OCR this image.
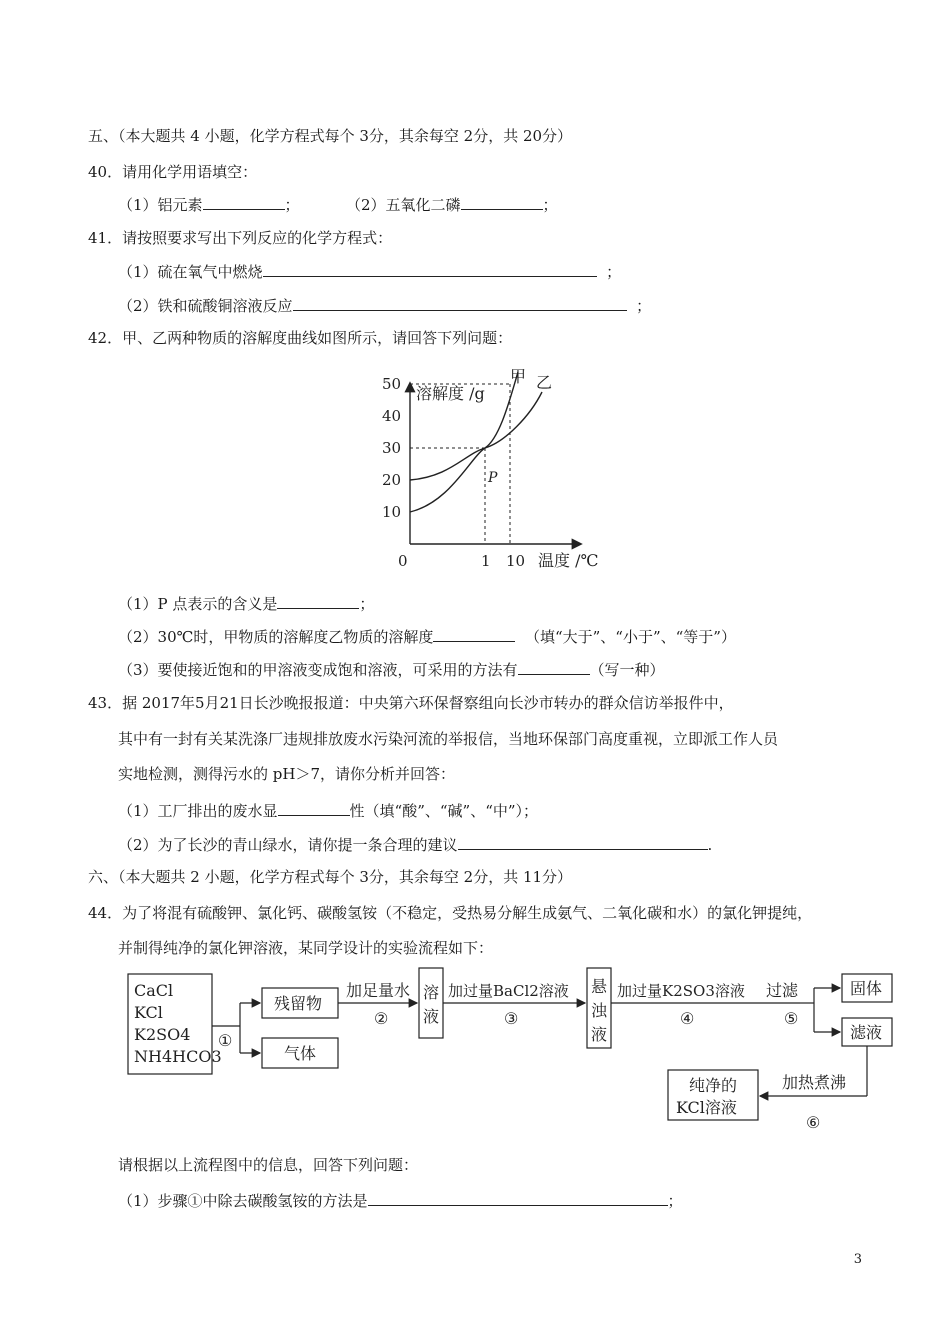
五、（本大题共 4 小题，化学方程式每个 3分，其余每空 2分，共 20分）
40．请用化学用语填空：
（1）铝元素	；	（2）五氧化二磷	；
41．请按照要求写出下列反应的化学方程式：
（1）硫在氧气中燃烧	；
（2）铁和硫酸铜溶液反应	；
42．甲、乙两种物质的溶解度曲线如图所示，请回答下列问题：
溶解度 /g
温度 /℃
10
20
30
40
50
0	1 10
甲 乙
P
（1）P 点表示的含义是	；
（2）30℃时，甲物质的溶解度乙物质的溶解度	（填“大于”、“小于”、“等于”）
（3）要使接近饱和的甲溶液变成饱和溶液，可采用的方法有	（写一种）
43．据 2017年5月21日长沙晚报报道：中央第六环保督察组向长沙市转办的群众信访举报件中，
其中有一封有关某洗涤厂违规排放废水污染河流的举报信，当地环保部门高度重视，立即派工作人员
实地检测，测得污水的 pH＞7，请你分析并回答：
（1）工厂排出的废水显	性（填“酸”、“碱”、“中”）；
（2）为了长沙的青山绿水，请你提一条合理的建议	.
六、（本大题共 2 小题，化学方程式每个 3分，其余每空 2分，共 11分）
44．为了将混有硫酸钾、氯化钙、碳酸氢铵（不稳定，受热易分解生成氨气、二氧化碳和水）的氯化钾提纯，
并制得纯净的氯化钾溶液，某同学设计的实验流程如下：
CaCl
KCl
K2SO4
NH4HCO3
残留物
气体
溶
液
悬
浊
液
固体
滤液
纯净的
KCl溶液
加足量水	加过量BaCl2溶液	加过量K2SO3溶液 过滤
加热煮沸
①
②	③	④	⑤
⑥
请根据以上流程图中的信息，回答下列问题：
（1）步骤①中除去碳酸氢铵的方法是	；
3
